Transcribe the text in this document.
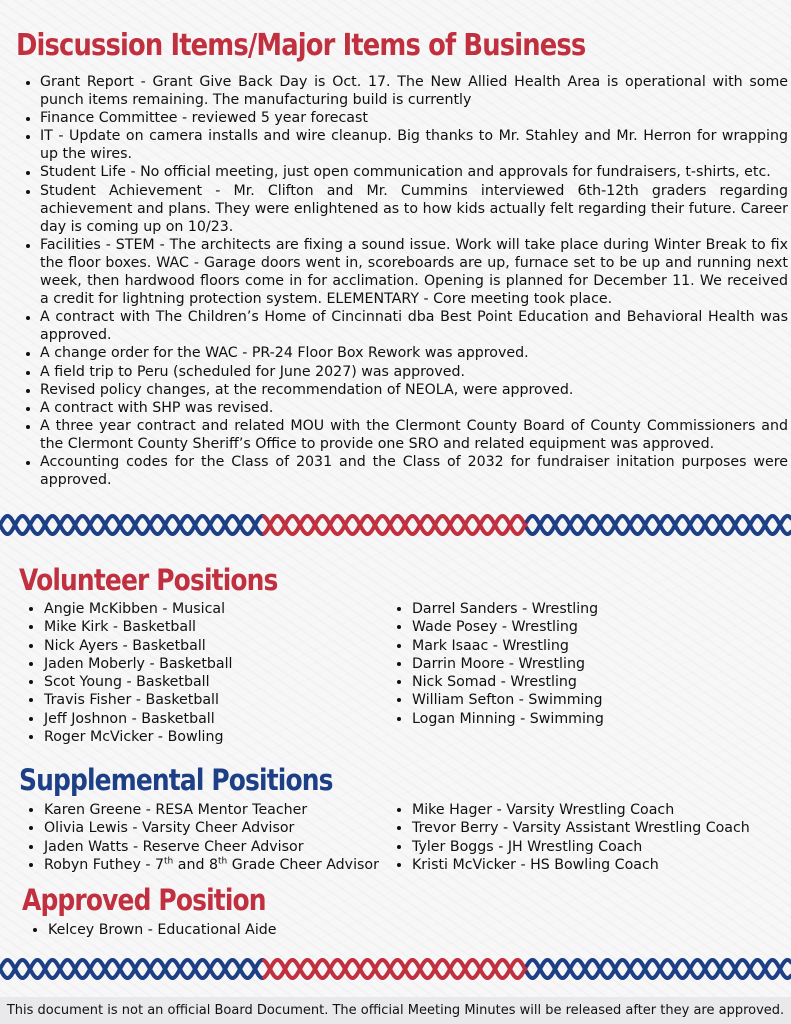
Discussion Items/Major Items of Business
• Grant Report - Grant Give Back Day is Oct. 17. The New Allied Health Area is operational with some punch items remaining. The manufacturing build is currently
• Finance Committee - reviewed 5 year forecast
• IT - Update on camera installs and wire cleanup. Big thanks to Mr. Stahley and Mr. Herron for wrapping up the wires.
• Student Life - No official meeting, just open communication and approvals for fundraisers, t-shirts, etc.
• Student Achievement - Mr. Clifton and Mr. Cummins interviewed 6th-12th graders regarding achievement and plans. They were enlightened as to how kids actually felt regarding their future. Career day is coming up on 10/23.
• Facilities - STEM - The architects are fixing a sound issue. Work will take place during Winter Break to fix the floor boxes. WAC - Garage doors went in, scoreboards are up, furnace set to be up and running next week, then hardwood floors come in for acclimation. Opening is planned for December 11. We received a credit for lightning protection system. ELEMENTARY - Core meeting took place.
• A contract with The Children’s Home of Cincinnati dba Best Point Education and Behavioral Health was approved.
• A change order for the WAC - PR-24 Floor Box Rework was approved.
• A field trip to Peru (scheduled for June 2027) was approved.
• Revised policy changes, at the recommendation of NEOLA, were approved.
• A contract with SHP was revised.
• A three year contract and related MOU with the Clermont County Board of County Commissioners and the Clermont County Sheriff’s Office to provide one SRO and related equipment was approved.
• Accounting codes for the Class of 2031 and the Class of 2032 for fundraiser initation purposes were approved.
Volunteer Positions
• Angie McKibben - Musical
• Mike Kirk - Basketball
• Nick Ayers - Basketball
• Jaden Moberly - Basketball
• Scot Young - Basketball
• Travis Fisher - Basketball
• Jeff Joshnon - Basketball
• Roger McVicker - Bowling
• Darrel Sanders - Wrestling
• Wade Posey - Wrestling
• Mark Isaac - Wrestling
• Darrin Moore - Wrestling
• Nick Somad - Wrestling
• William Sefton - Swimming
• Logan Minning - Swimming
Supplemental Positions
• Karen Greene - RESA Mentor Teacher
• Olivia Lewis - Varsity Cheer Advisor
• Jaden Watts - Reserve Cheer Advisor
• Robyn Futhey - 7th and 8th Grade Cheer Advisor
• Mike Hager - Varsity Wrestling Coach
• Trevor Berry - Varsity Assistant Wrestling Coach
• Tyler Boggs - JH Wrestling Coach
• Kristi McVicker - HS Bowling Coach
Approved Position
• Kelcey Brown - Educational Aide
This document is not an official Board Document. The official Meeting Minutes will be released after they are approved.
